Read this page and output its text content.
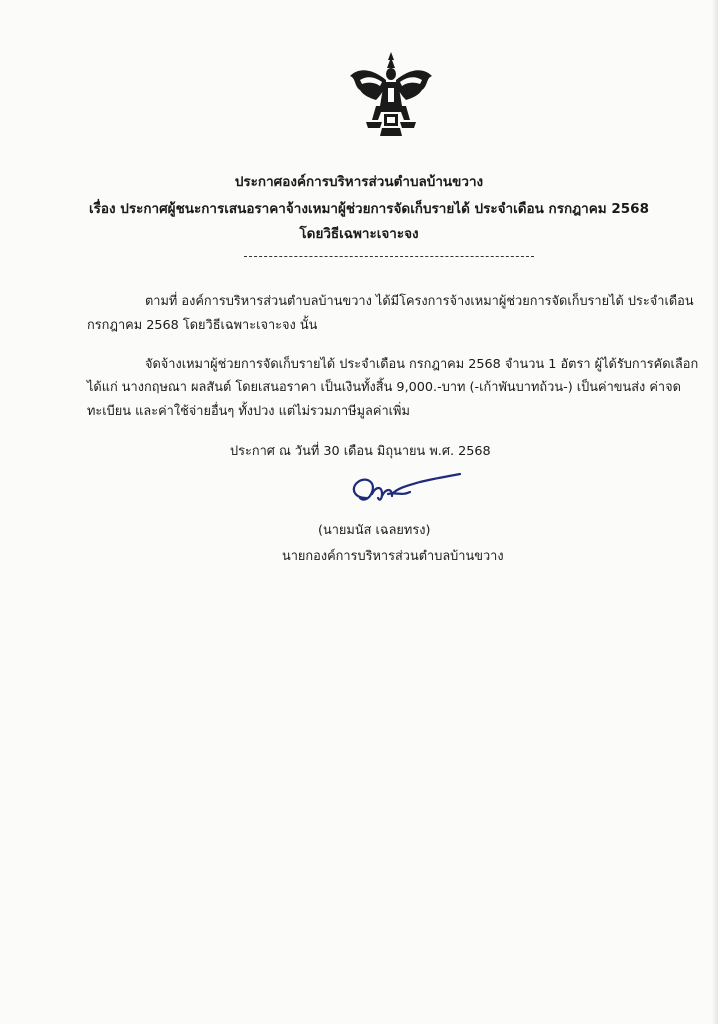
ประกาศองค์การบริหารส่วนตำบลบ้านขวาง
เรื่อง ประกาศผู้ชนะการเสนอราคาจ้างเหมาผู้ช่วยการจัดเก็บรายได้ ประจำเดือน กรกฎาคม 2568
โดยวิธีเฉพาะเจาะจง
ตามที่ องค์การบริหารส่วนตำบลบ้านขวาง ได้มีโครงการจ้างเหมาผู้ช่วยการจัดเก็บรายได้ ประจำเดือน
กรกฎาคม 2568 โดยวิธีเฉพาะเจาะจง นั้น
จัดจ้างเหมาผู้ช่วยการจัดเก็บรายได้ ประจำเดือน กรกฎาคม 2568 จำนวน 1 อัตรา ผู้ได้รับการคัดเลือก
ได้แก่ นางกฤษณา ผลสันต์ โดยเสนอราคา เป็นเงินทั้งสิ้น 9,000.-บาท (-เก้าพันบาทถ้วน-) เป็นค่าขนส่ง ค่าจด
ทะเบียน และค่าใช้จ่ายอื่นๆ ทั้งปวง แต่ไม่รวมภาษีมูลค่าเพิ่ม
ประกาศ ณ วันที่ 30 เดือน มิถุนายน พ.ศ. 2568
(นายมนัส เฉลยทรง)
นายกองค์การบริหารส่วนตำบลบ้านขวาง
